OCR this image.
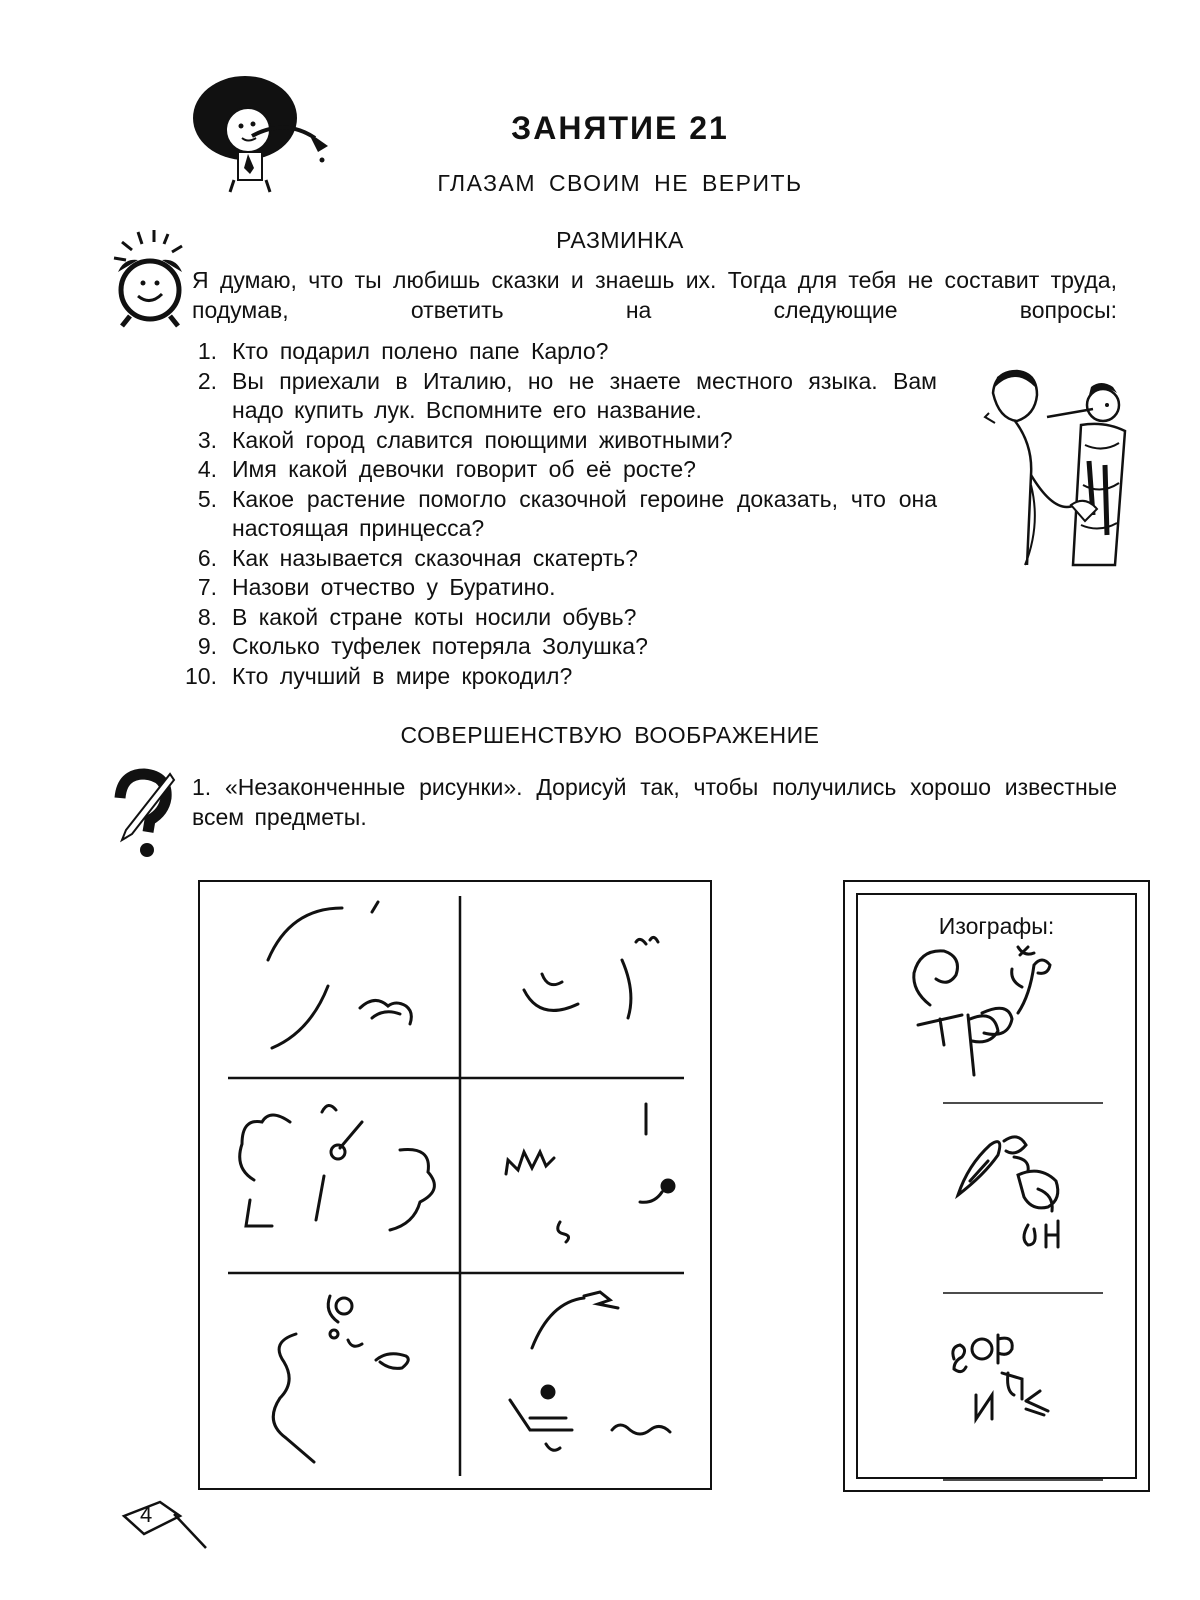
ЗАНЯТИЕ 21
ГЛАЗАМ СВОИМ НЕ ВЕРИТЬ
РАЗМИНКА
Я думаю, что ты любишь сказки и знаешь их. Тогда для тебя не составит труда, подумав, ответить на следующие вопросы:
1. Кто подарил полено папе Карло?
2. Вы приехали в Италию, но не знаете местного языка. Вам надо купить лук. Вспомните его название.
3. Какой город славится поющими животными?
4. Имя какой девочки говорит об её росте?
5. Какое растение помогло сказочной героине доказать, что она настоящая принцесса?
6. Как называется сказочная скатерть?
7. Назови отчество у Буратино.
8. В какой стране коты носили обувь?
9. Сколько туфелек потеряла Золушка?
10. Кто лучший в мире крокодил?
СОВЕРШЕНСТВУЮ ВООБРАЖЕНИЕ
1. «Незаконченные рисунки». Дорисуй так, чтобы получились хорошо известные всем предметы.
Изографы:
4
